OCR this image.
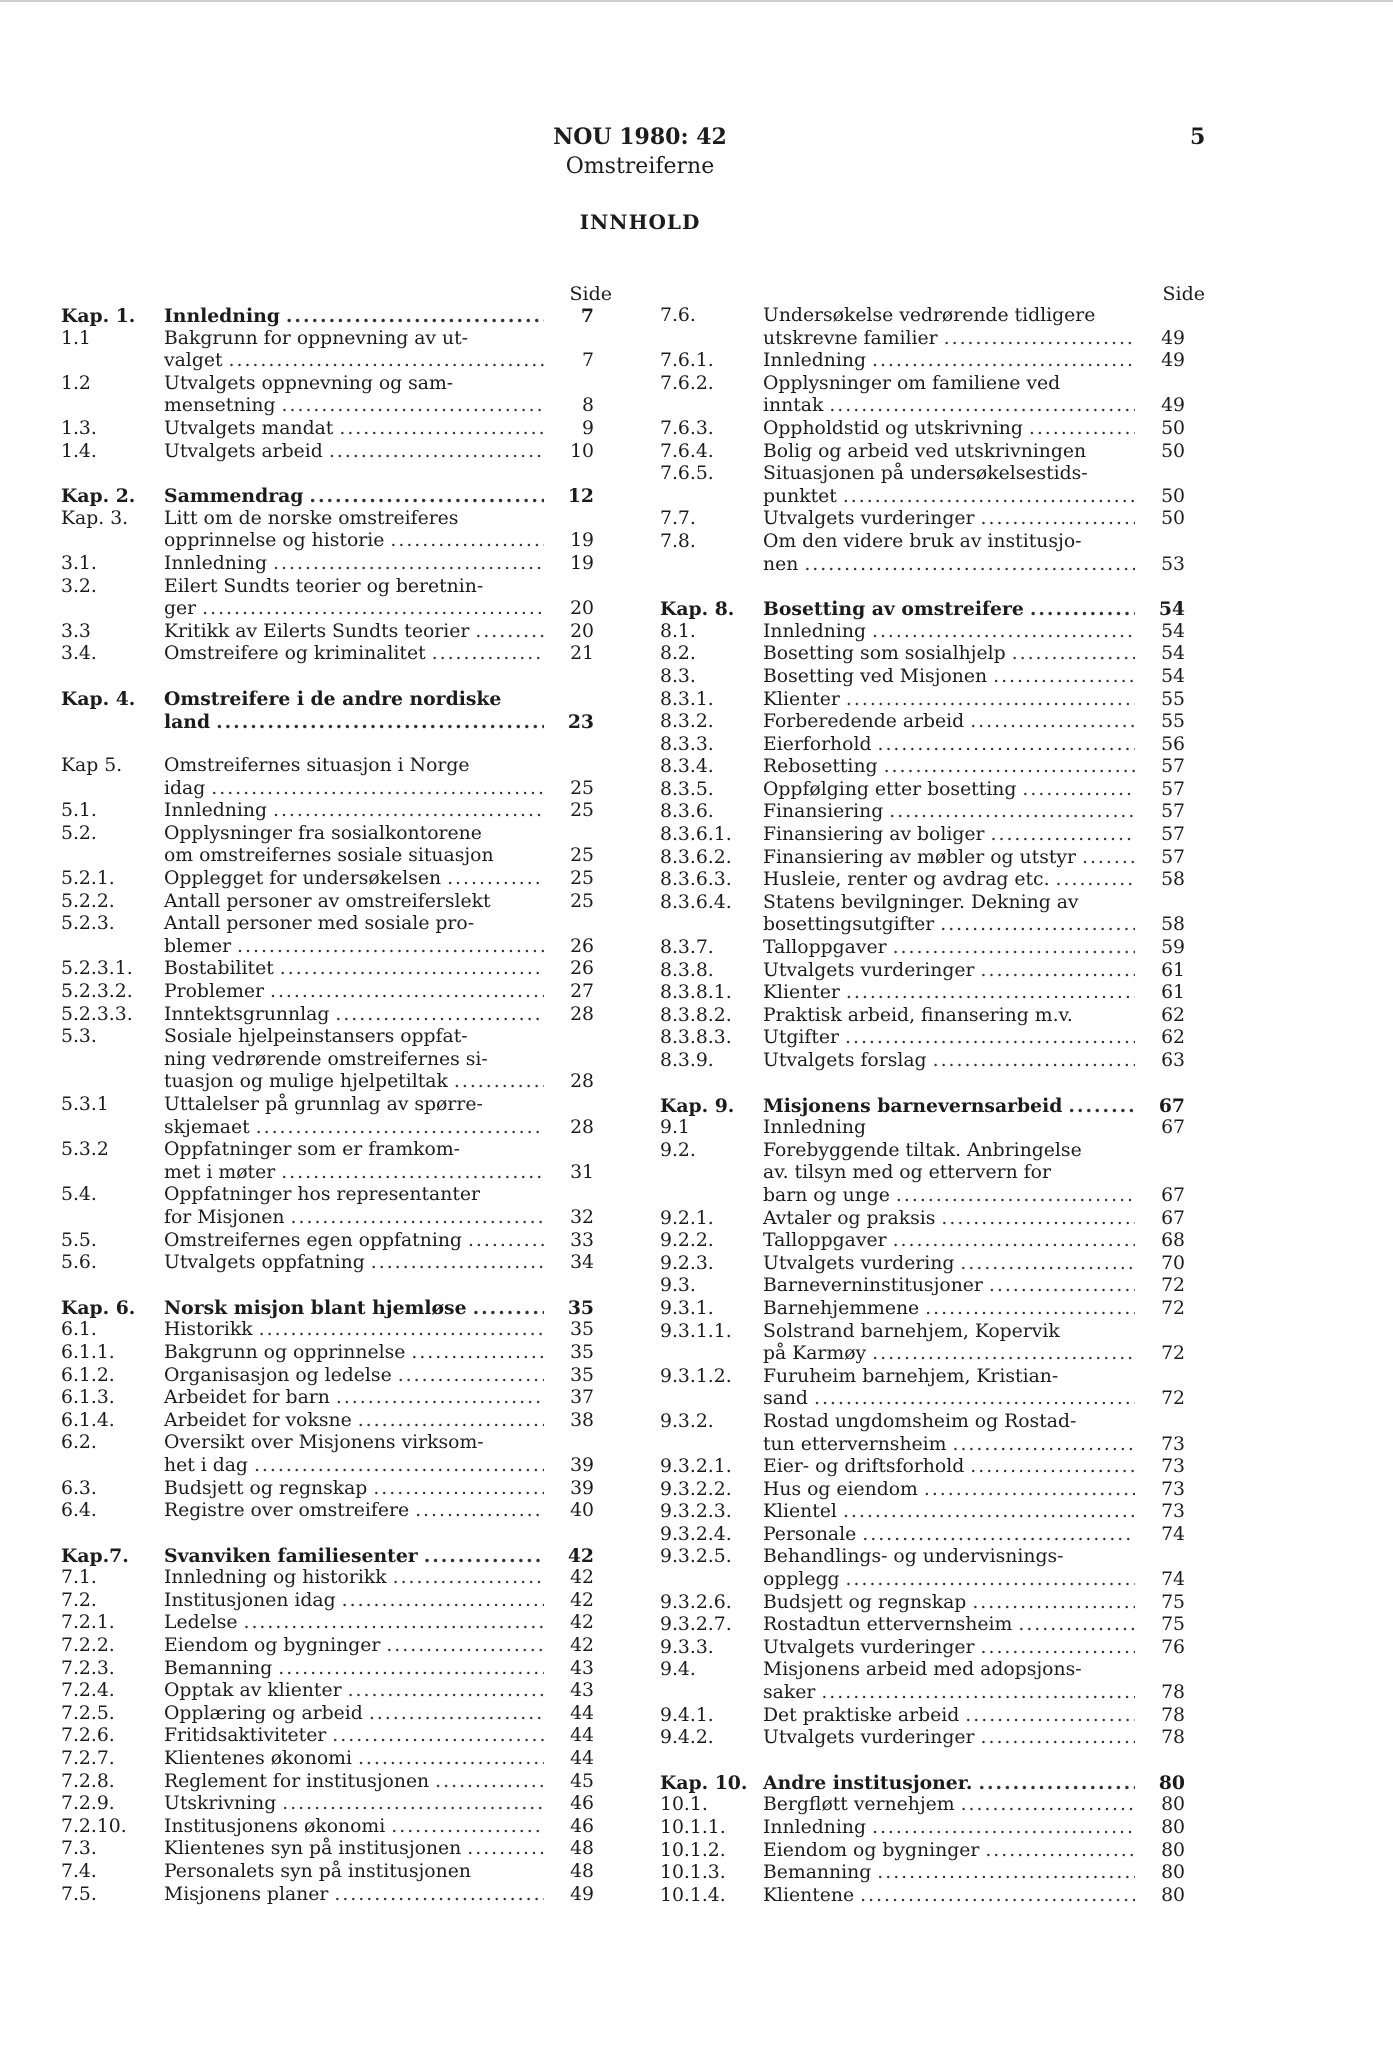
NOU 1980: 42
Omstreiferne
5
INNHOLD
Side
Kap. 1.	Innledning .....	7
1.1	Bakgrunn for oppnevning av ut-
valget .....	7
1.2	Utvalgets oppnevning og sam-
mensetning .....	8
1.3.	Utvalgets mandat .....	9
1.4.	Utvalgets arbeid .....	10
Kap. 2.	Sammendrag .....	12
Kap. 3.	Litt om de norske omstreiferes
opprinnelse og historie .....	19
3.1.	Innledning .....	19
3.2.	Eilert Sundts teorier og beretnin-
ger .....	20
3.3	Kritikk av Eilerts Sundts teorier .....	20
3.4.	Omstreifere og kriminalitet .....	21
Kap. 4.	Omstreifere i de andre nordiske
land .....	23
Kap 5.	Omstreifernes situasjon i Norge
idag .....	25
5.1.	Innledning .....	25
5.2.	Opplysninger fra sosialkontorene
om omstreifernes sosiale situasjon	25
5.2.1.	Opplegget for undersøkelsen .....	25
5.2.2.	Antall personer av omstreiferslekt	25
5.2.3.	Antall personer med sosiale pro-
blemer .....	26
5.2.3.1.	Bostabilitet .....	26
5.2.3.2.	Problemer .....	27
5.2.3.3.	Inntektsgrunnlag .....	28
5.3.	Sosiale hjelpeinstansers oppfat-
ning vedrørende omstreifernes si-
tuasjon og mulige hjelpetiltak .....	28
5.3.1	Uttalelser på grunnlag av spørre-
skjemaet .....	28
5.3.2	Oppfatninger som er framkom-
met i møter .....	31
5.4.	Oppfatninger hos representanter
for Misjonen .....	32
5.5.	Omstreifernes egen oppfatning .....	33
5.6.	Utvalgets oppfatning .....	34
Kap. 6.	Norsk misjon blant hjemløse .....	35
6.1.	Historikk .....	35
6.1.1.	Bakgrunn og opprinnelse .....	35
6.1.2.	Organisasjon og ledelse .....	35
6.1.3.	Arbeidet for barn .....	37
6.1.4.	Arbeidet for voksne .....	38
6.2.	Oversikt over Misjonens virksom-
het i dag .....	39
6.3.	Budsjett og regnskap .....	39
6.4.	Registre over omstreifere .....	40
Kap.7.	Svanviken familiesenter .....	42
7.1.	Innledning og historikk .....	42
7.2.	Institusjonen idag .....	42
7.2.1.	Ledelse .....	42
7.2.2.	Eiendom og bygninger .....	42
7.2.3.	Bemanning .....	43
7.2.4.	Opptak av klienter .....	43
7.2.5.	Opplæring og arbeid .....	44
7.2.6.	Fritidsaktiviteter .....	44
7.2.7.	Klientenes økonomi .....	44
7.2.8.	Reglement for institusjonen .....	45
7.2.9.	Utskrivning .....	46
7.2.10.	Institusjonens økonomi .....	46
7.3.	Klientenes syn på institusjonen .....	48
7.4.	Personalets syn på institusjonen	48
7.5.	Misjonens planer .....	49
Side
7.6.	Undersøkelse vedrørende tidligere
utskrevne familier .....	49
7.6.1.	Innledning .....	49
7.6.2.	Opplysninger om familiene ved
inntak .....	49
7.6.3.	Oppholdstid og utskrivning .....	50
7.6.4.	Bolig og arbeid ved utskrivningen	50
7.6.5.	Situasjonen på undersøkelsestids-
punktet .....	50
7.7.	Utvalgets vurderinger .....	50
7.8.	Om den videre bruk av institusjo-
nen .....	53
Kap. 8.	Bosetting av omstreifere .....	54
8.1.	Innledning .....	54
8.2.	Bosetting som sosialhjelp .....	54
8.3.	Bosetting ved Misjonen .....	54
8.3.1.	Klienter .....	55
8.3.2.	Forberedende arbeid .....	55
8.3.3.	Eierforhold .....	56
8.3.4.	Rebosetting .....	57
8.3.5.	Oppfølging etter bosetting .....	57
8.3.6.	Finansiering .....	57
8.3.6.1.	Finansiering av boliger .....	57
8.3.6.2.	Finansiering av møbler og utstyr .....	57
8.3.6.3.	Husleie, renter og avdrag etc. .....	58
8.3.6.4.	Statens bevilgninger. Dekning av
bosettingsutgifter .....	58
8.3.7.	Talloppgaver .....	59
8.3.8.	Utvalgets vurderinger .....	61
8.3.8.1.	Klienter .....	61
8.3.8.2.	Praktisk arbeid, finansering m.v.	62
8.3.8.3.	Utgifter .....	62
8.3.9.	Utvalgets forslag .....	63
Kap. 9.	Misjonens barnevernsarbeid .....	67
9.1	Innledning	67
9.2.	Forebyggende tiltak. Anbringelse
av. tilsyn med og ettervern for
barn og unge .....	67
9.2.1.	Avtaler og praksis .....	67
9.2.2.	Talloppgaver .....	68
9.2.3.	Utvalgets vurdering .....	70
9.3.	Barneverninstitusjoner .....	72
9.3.1.	Barnehjemmene .....	72
9.3.1.1.	Solstrand barnehjem, Kopervik
på Karmøy .....	72
9.3.1.2.	Furuheim barnehjem, Kristian-
sand .....	72
9.3.2.	Rostad ungdomsheim og Rostad-
tun ettervernsheim .....	73
9.3.2.1.	Eier- og driftsforhold .....	73
9.3.2.2.	Hus og eiendom .....	73
9.3.2.3.	Klientel .....	73
9.3.2.4.	Personale .....	74
9.3.2.5.	Behandlings- og undervisnings-
opplegg .....	74
9.3.2.6.	Budsjett og regnskap .....	75
9.3.2.7.	Rostadtun ettervernsheim .....	75
9.3.3.	Utvalgets vurderinger .....	76
9.4.	Misjonens arbeid med adopsjons-
saker .....	78
9.4.1.	Det praktiske arbeid .....	78
9.4.2.	Utvalgets vurderinger .....	78
Kap. 10. Andre institusjoner. .....	80
10.1.	Bergfløtt vernehjem .....	80
10.1.1.	Innledning .....	80
10.1.2.	Eiendom og bygninger .....	80
10.1.3.	Bemanning .....	80
10.1.4.	Klientene .....	80
